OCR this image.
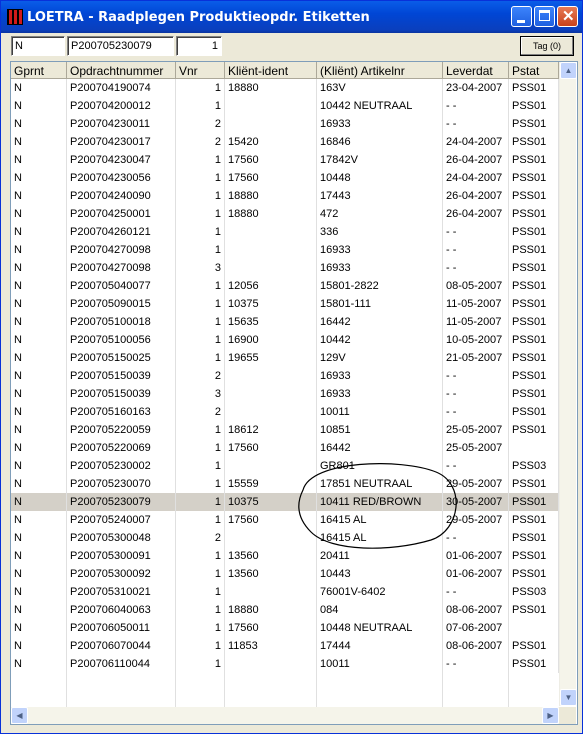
LOETRA - Raadplegen Produktieopdr. Etiketten	✕
N	P200705230079	1	Tag (0)
Gprnt	Opdrachtnummer	Vnr	Kliënt-ident	(Kliënt) Artikelnr	Leverdat	Pstat
N	P200704190074	1 18880	163V	23-04-2007 PSS01
N	P200704200012	1	10442 NEUTRAAL	- -	PSS01
N	P200704230011	2	16933	- -	PSS01
N	P200704230017	2 15420	16846	24-04-2007 PSS01
N	P200704230047	1 17560	17842V	26-04-2007 PSS01
N	P200704230056	1 17560	10448	24-04-2007 PSS01
N	P200704240090	1 18880	17443	26-04-2007 PSS01
N	P200704250001	1 18880	472	26-04-2007 PSS01
N	P200704260121	1	336	- -	PSS01
N	P200704270098	1	16933	- -	PSS01
N	P200704270098	3	16933	- -	PSS01
N	P200705040077	1 12056	15801-2822	08-05-2007 PSS01
N	P200705090015	1 10375	15801-111	11-05-2007 PSS01
N	P200705100018	1 15635	16442	11-05-2007 PSS01
N	P200705100056	1 16900	10442	10-05-2007 PSS01
N	P200705150025	1 19655	129V	21-05-2007 PSS01
N	P200705150039	2	16933	- -	PSS01
N	P200705150039	3	16933	- -	PSS01
N	P200705160163	2	10011	- -	PSS01
N	P200705220059	1 18612	10851	25-05-2007 PSS01
N	P200705220069	1 17560	16442	25-05-2007
N	P200705230002	1	GR801	- -	PSS03
N	P200705230070	1 15559	17851 NEUTRAAL	29-05-2007 PSS01
N	P200705230079	1 10375	10411 RED/BROWN	30-05-2007 PSS01
N	P200705240007	1 17560	16415 AL	29-05-2007 PSS01
N	P200705300048	2	16415 AL	- -	PSS01
N	P200705300091	1 13560	20411	01-06-2007 PSS01
N	P200705300092	1 13560	10443	01-06-2007 PSS01
N	P200705310021	1	76001V-6402	- -	PSS03
N	P200706040063	1 18880	084	08-06-2007 PSS01
N	P200706050011	1 17560	10448 NEUTRAAL	07-06-2007
N	P200706070044	1 11853	17444	08-06-2007 PSS01
N	P200706110044	1	10011	- -	PSS01
▲
▼
◀	▶
